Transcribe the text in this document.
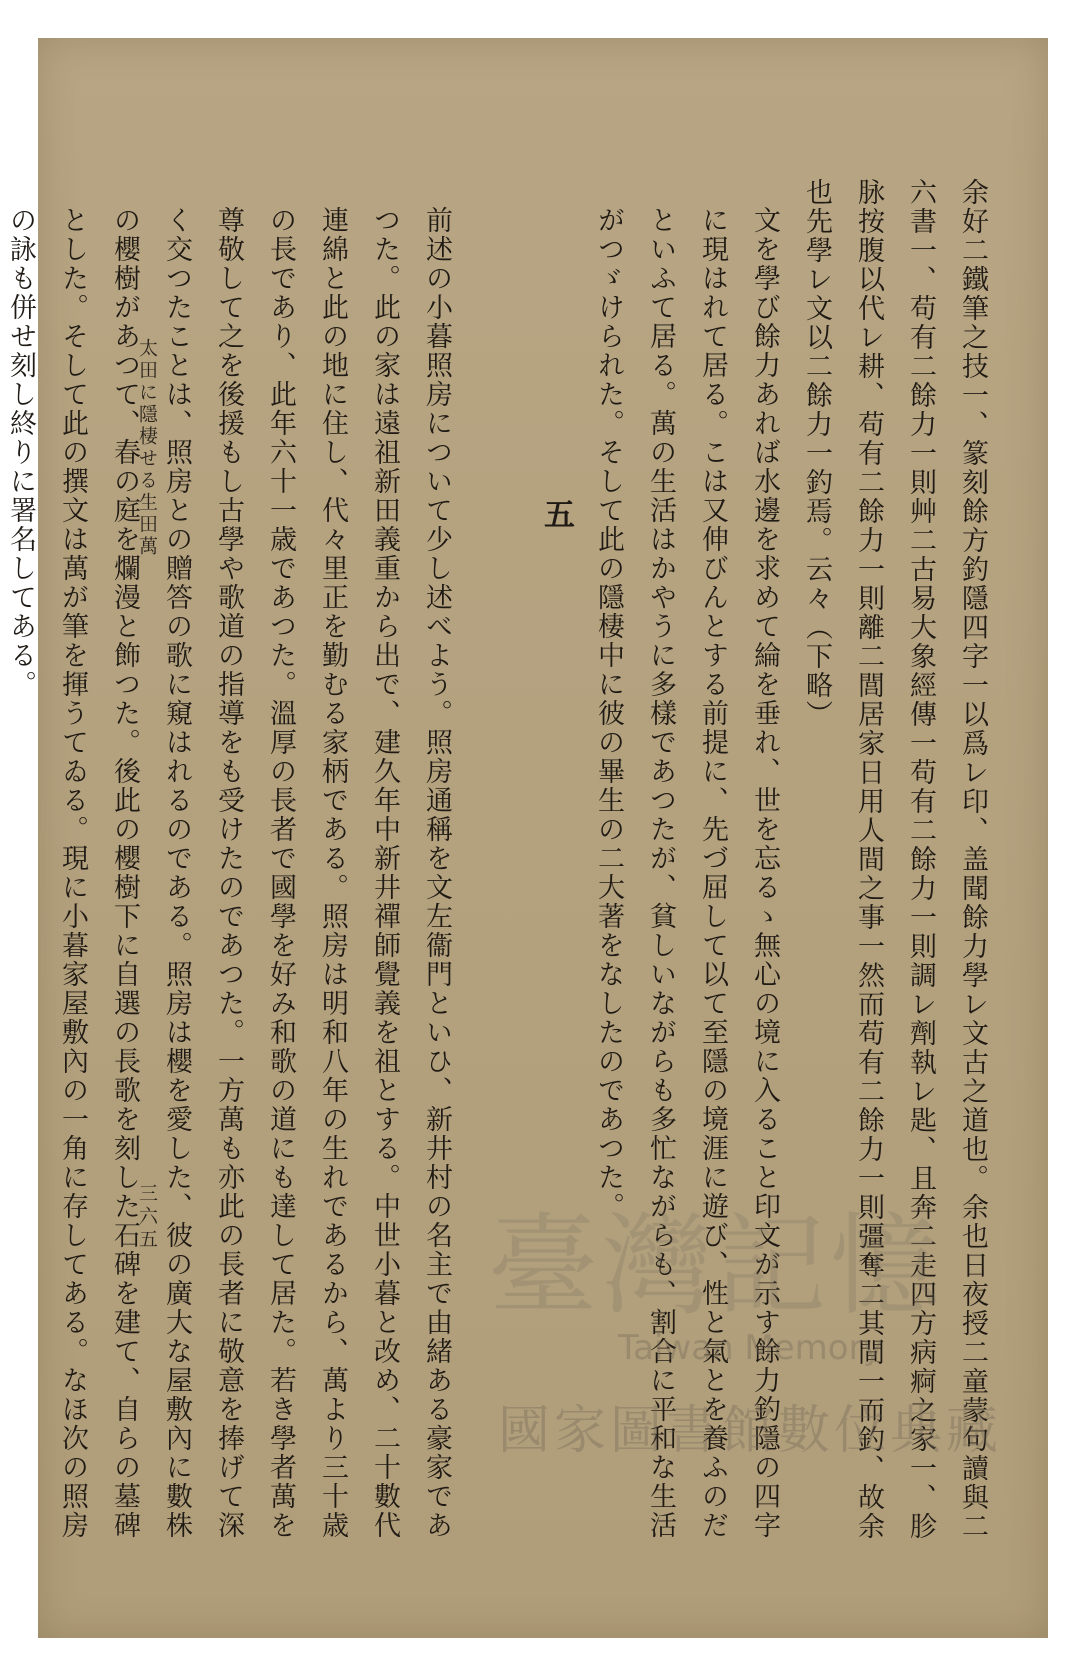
余好二鐵筆之技一、篆刻餘方釣隱四字一以爲レ印、盖聞餘力學レ文古之道也。余也日夜授二童蒙句讀與二六書一、苟有二餘力一則艸二古易大象經傳一苟有二餘力一則調レ劑執レ匙、且奔二走四方病痾之家一、胗脉按腹以代レ耕、苟有二餘力一則離二閭居家日用人間之事一然而苟有二餘力一則彊奪二其間一而釣、故余也先學レ文以二餘力一釣焉。云々（下略）

文を學び餘力あれば水邊を求めて綸を垂れ、世を忘るゝ無心の境に入ること印文が示す餘力釣隱の四字に現はれて居る。こは又伸びんとする前提に、先づ屈して以て至隱の境涯に遊び、性と氣とを養ふのだといふて居る。萬の生活はかやうに多樣であつたが、貧しいながらも多忙ながらも、割合に平和な生活がつゞけられた。そして此の隱棲中に彼の畢生の二大著をなしたのであつた。

五

前述の小暮照房について少し述べよう。照房通稱を文左衞門といひ、新井村の名主で由緒ある豪家であつた。此の家は遠祖新田義重から出で、建久年中新井禪師覺義を祖とする。中世小暮と改め、二十數代連綿と此の地に住し、代々里正を勤むる家柄である。照房は明和八年の生れであるから、萬より三十歳の長であり、此年六十一歳であつた。溫厚の長者で國學を好み和歌の道にも達して居た。若き學者萬を尊敬して之を後援もし古學や歌道の指導をも受けたのであつた。一方萬も亦此の長者に敬意を捧げて深く交つたことは、照房との贈答の歌に窺はれるのである。照房は櫻を愛した、彼の廣大な屋敷內に數株の櫻樹があつて、春の庭を爛漫と飾つた。後此の櫻樹下に自選の長歌を刻した石碑を建て、自らの墓碑とした。そして此の撰文は萬が筆を揮うてゐる。現に小暮家屋敷內の一角に存してある。なほ次の照房の詠も併せ刻し終りに署名してある。	太田に隱棲せる生田萬
三六五	臺灣記憶
Taiwan Memory
國家圖書館數位典藏
